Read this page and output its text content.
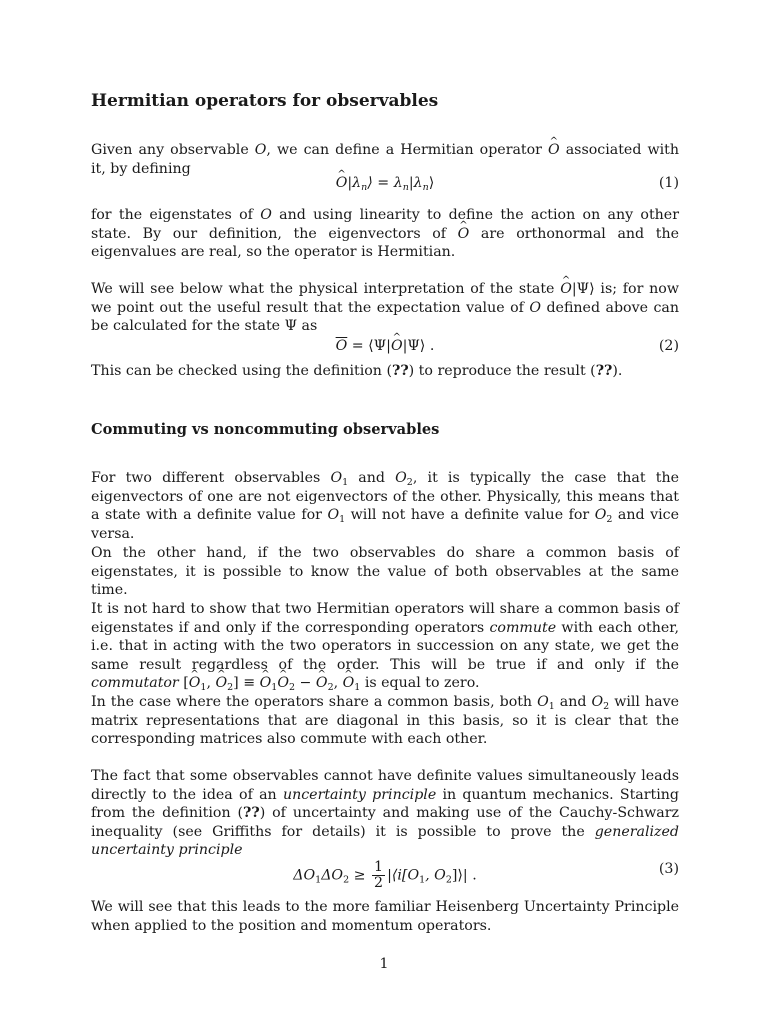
Hermitian operators for observables

Given any observable O, we can define a Hermitian operator ^ O associated with it, by defining

^ $O|\lambda_n⟩$ = $\lambda_n|\lambda_n⟩$	(1)

for the eigenstates of O and using linearity to define the action on any other state. By our definition, the eigenvectors of ^ O are orthonormal and the eigenvalues are real, so the operator is Hermitian.

We will see below what the physical interpretation of the state ^ O|Ψ⟩ is; for now we point out the useful result that the expectation value of O defined above can be calculated for the state Ψ as

$\overline{O}$ = ⟨Ψ|^ O|Ψ⟩ .	(2)

This can be checked using the definition (??) to reproduce the result (??).

Commuting vs noncommuting observables

For two different observables $O_1$ and $O_2$, it is typically the case that the eigenvectors of one are not eigenvectors of the other. Physically, this means that a state with a definite value for $O_1$ will not have a definite value for $O_2$ and vice versa.

On the other hand, if the two observables do share a common basis of eigenstates, it is possible to know the value of both observables at the same time.

It is not hard to show that two Hermitian operators will share a common basis of eigenstates if and only if the corresponding operators commute with each other, i.e. that in acting with the two operators in succession on any state, we get the same result regardless of the order. This will be true if and only if the commutator [^ $O_1$, ^ $O_2$] ≡ ^ $O_1\^{}$ $O_2$ − ^ $O_2$, ^ $O_1$ is equal to zero.

In the case where the operators share a common basis, both $O_1$ and $O_2$ will have matrix representations that are diagonal in this basis, so it is clear that the corresponding matrices also commute with each other.

The fact that some observables cannot have definite values simultaneously leads directly to the idea of an uncertainty principle in quantum mechanics. Starting from the definition (??) of uncertainty and making use of the Cauchy-Schwarz inequality (see Griffiths for details) it is possible to prove the generalized uncertainty principle

$\Delta O_1\Delta O_2 \ge \frac{1}{2}$ $|⟨i[O_1$, $O_2]⟩|$ .	(3)

We will see that this leads to the more familiar Heisenberg Uncertainty Principle when applied to the position and momentum operators.

1
